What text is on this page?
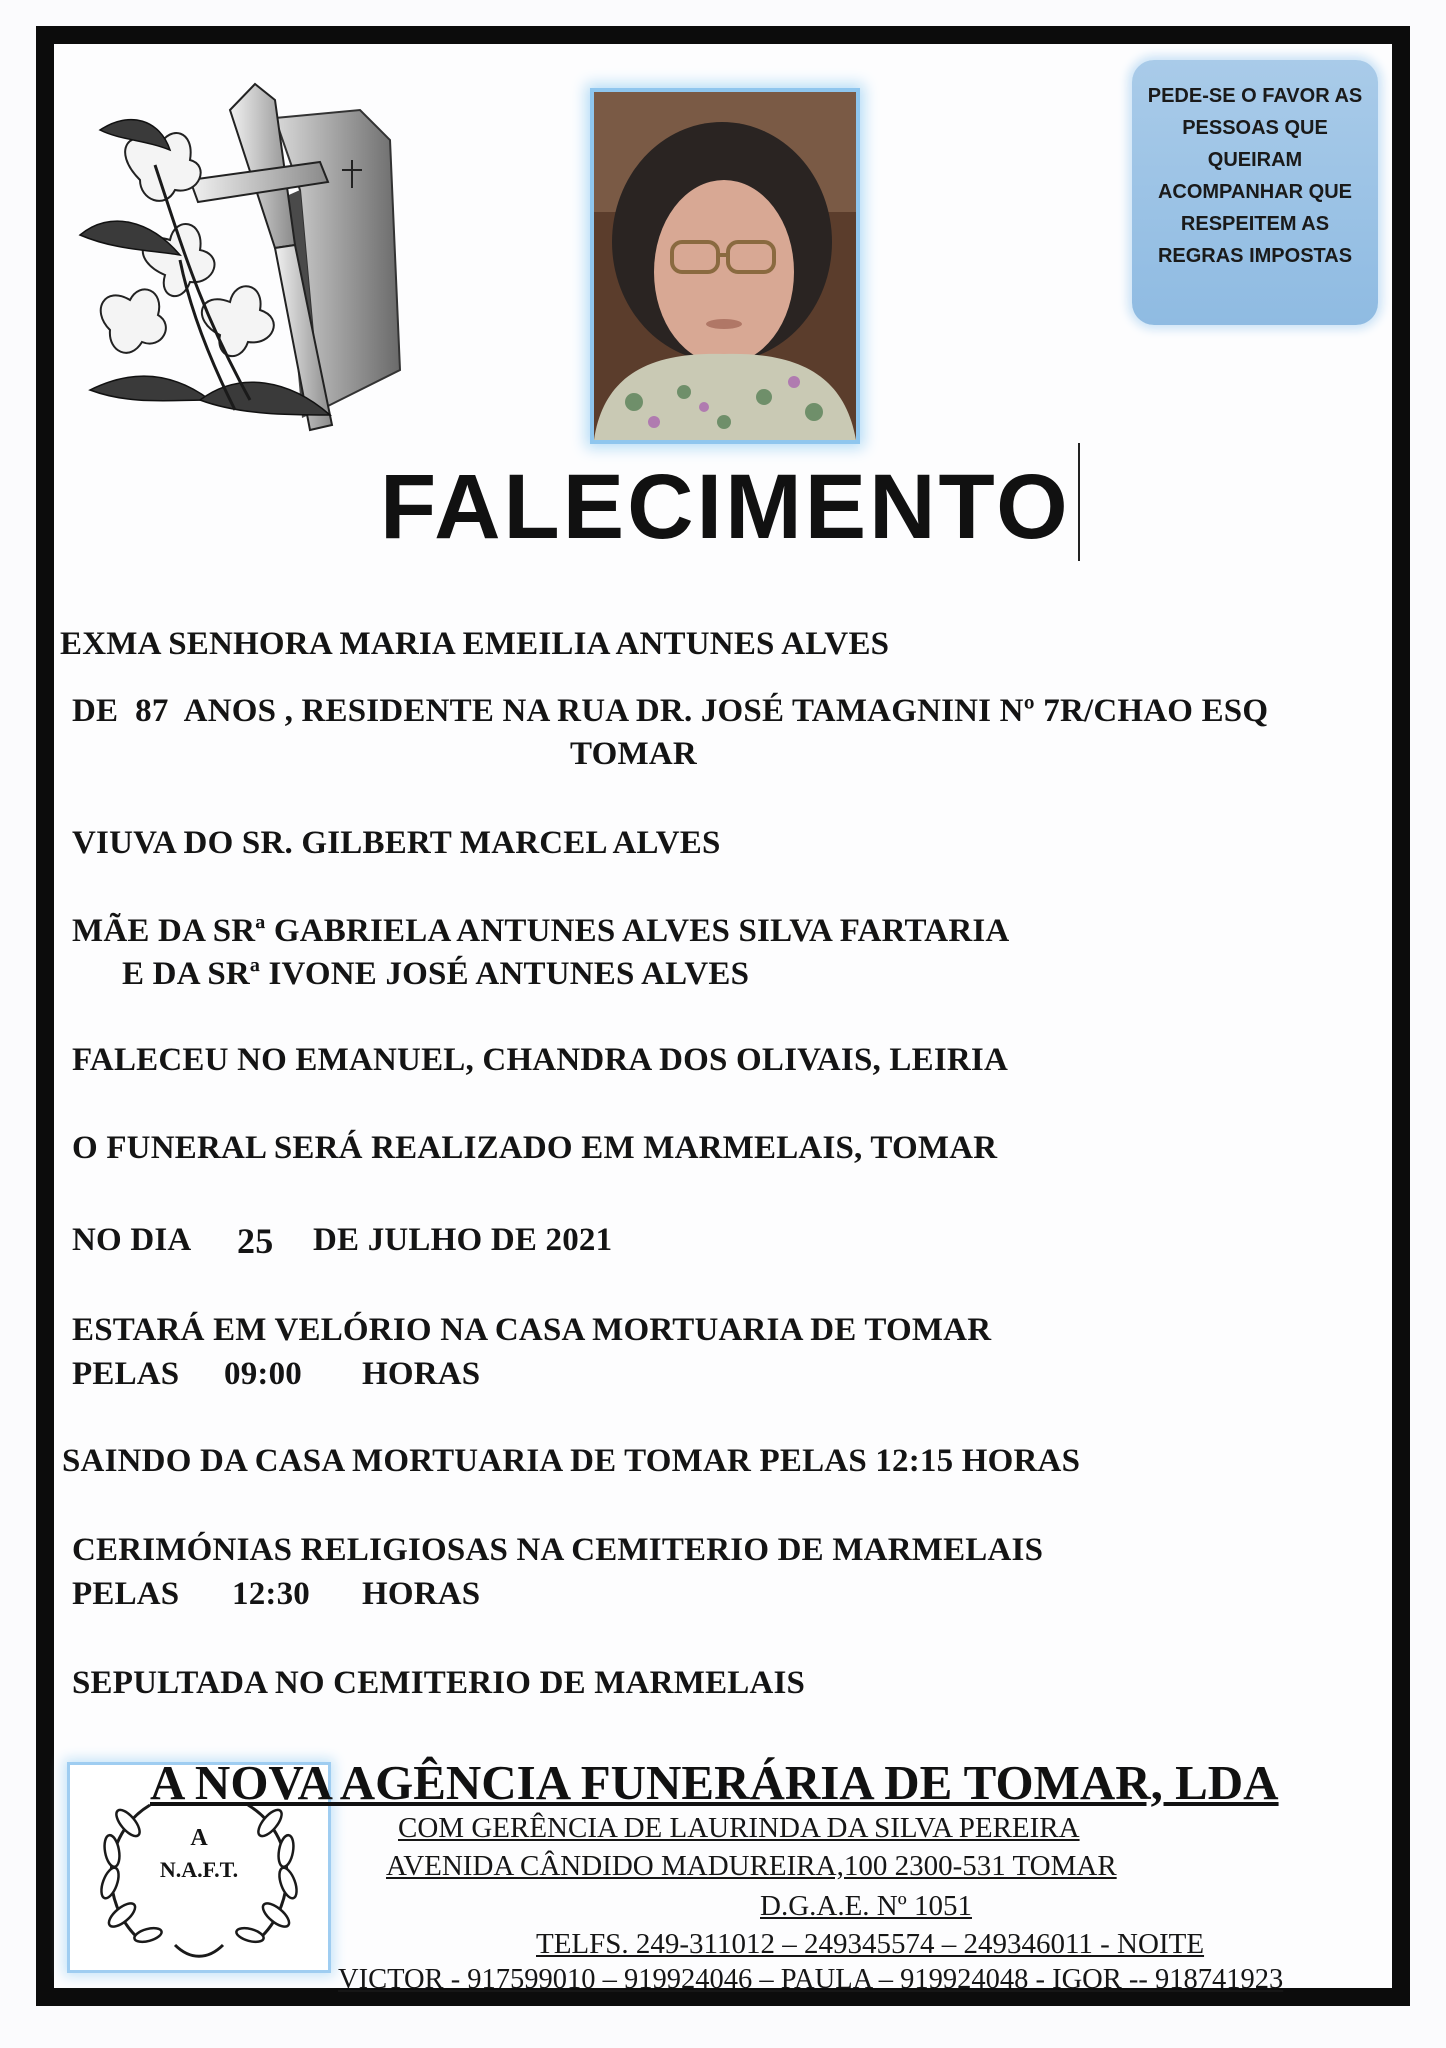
PEDE-SE O FAVOR AS
PESSOAS QUE
QUEIRAM
ACOMPANHAR QUE
RESPEITEM AS
REGRAS IMPOSTAS
FALECIMENTO
EXMA SENHORA MARIA EMEILIA ANTUNES ALVES
DE 87 ANOS , RESIDENTE NA RUA DR. JOSÉ TAMAGNINI Nº 7R/CHAO ESQ
TOMAR
VIUVA DO SR. GILBERT MARCEL ALVES
MÃE DA SRª GABRIELA ANTUNES ALVES SILVA FARTARIA
E DA SRª IVONE JOSÉ ANTUNES ALVES
FALECEU NO EMANUEL, CHANDRA DOS OLIVAIS, LEIRIA
O FUNERAL SERÁ REALIZADO EM MARMELAIS, TOMAR
NO DIA 25 DE JULHO DE 2021
ESTARÁ EM VELÓRIO NA CASA MORTUARIA DE TOMAR
PELAS 09:00 HORAS
SAINDO DA CASA MORTUARIA DE TOMAR PELAS 12:15 HORAS
CERIMÓNIAS RELIGIOSAS NA CEMITERIO DE MARMELAIS
PELAS 12:30 HORAS
SEPULTADA NO CEMITERIO DE MARMELAIS
A
N.A.F.T.
A NOVA AGÊNCIA FUNERÁRIA DE TOMAR, LDA
COM GERÊNCIA DE LAURINDA DA SILVA PEREIRA
AVENIDA CÂNDIDO MADUREIRA,100 2300-531 TOMAR
D.G.A.E. Nº 1051
TELFS. 249-311012 – 249345574 – 249346011 - NOITE
VICTOR - 917599010 – 919924046 – PAULA – 919924048 - IGOR -- 918741923
